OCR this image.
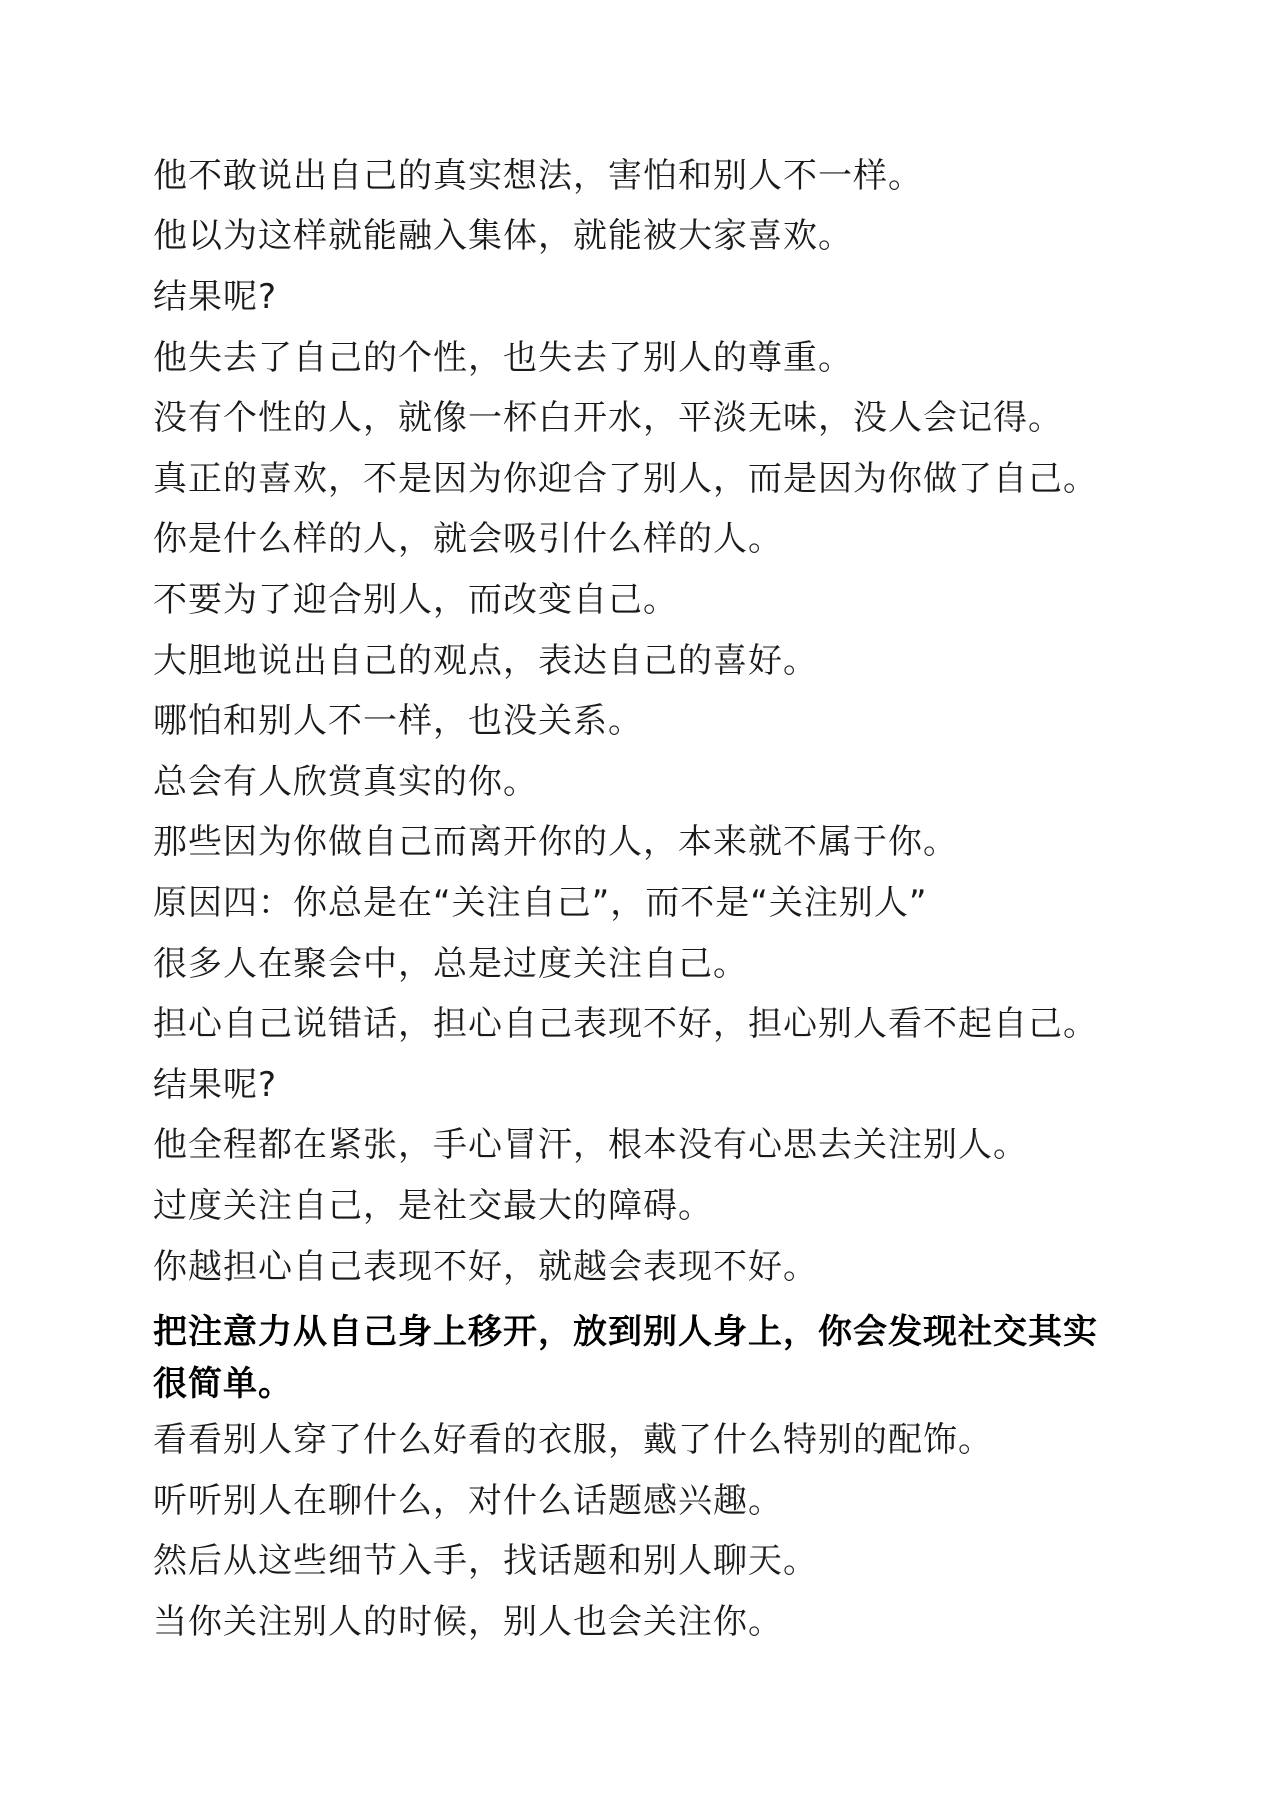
他不敢说出自己的真实想法，害怕和别人不一样。
他以为这样就能融入集体，就能被大家喜欢。
结果呢?
他失去了自己的个性，也失去了别人的尊重。
没有个性的人，就像一杯白开水，平淡无味，没人会记得。
真正的喜欢，不是因为你迎合了别人，而是因为你做了自己。
你是什么样的人，就会吸引什么样的人。
不要为了迎合别人，而改变自己。
大胆地说出自己的观点，表达自己的喜好。
哪怕和别人不一样，也没关系。
总会有人欣赏真实的你。
那些因为你做自己而离开你的人，本来就不属于你。
原因四：你总是在“关注自己”，而不是“关注别人”
很多人在聚会中，总是过度关注自己。
担心自己说错话，担心自己表现不好，担心别人看不起自己。
结果呢?
他全程都在紧张，手心冒汗，根本没有心思去关注别人。
过度关注自己，是社交最大的障碍。
你越担心自己表现不好，就越会表现不好。
把注意力从自己身上移开，放到别人身上，你会发现社交其实
很简单。
看看别人穿了什么好看的衣服，戴了什么特别的配饰。
听听别人在聊什么，对什么话题感兴趣。
然后从这些细节入手，找话题和别人聊天。
当你关注别人的时候，别人也会关注你。
